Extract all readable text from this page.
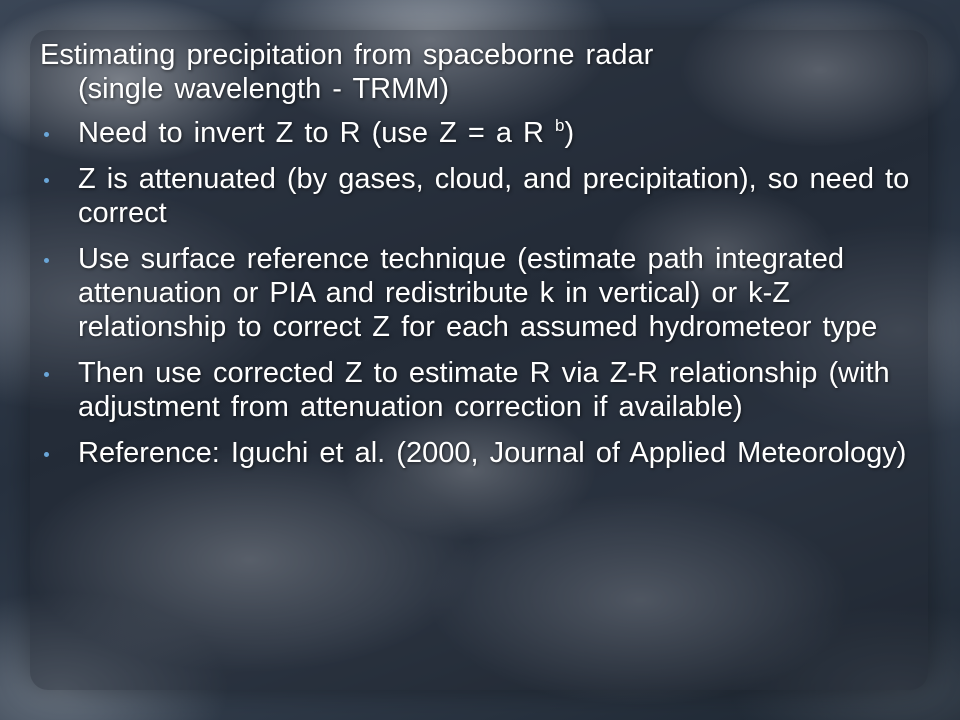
Estimating precipitation from spaceborne radar
(single wavelength - TRMM)
Need to invert Z to R (use Z = a R $^b$)
Z is attenuated (by gases, cloud, and precipitation), so need to correct
Use surface reference technique (estimate path integrated attenuation or PIA and redistribute k in vertical) or k-Z relationship to correct Z for each assumed hydrometeor type
Then use corrected Z to estimate R via Z-R relationship (with adjustment from attenuation correction if available)
Reference: Iguchi et al. (2000, Journal of Applied Meteorology)
